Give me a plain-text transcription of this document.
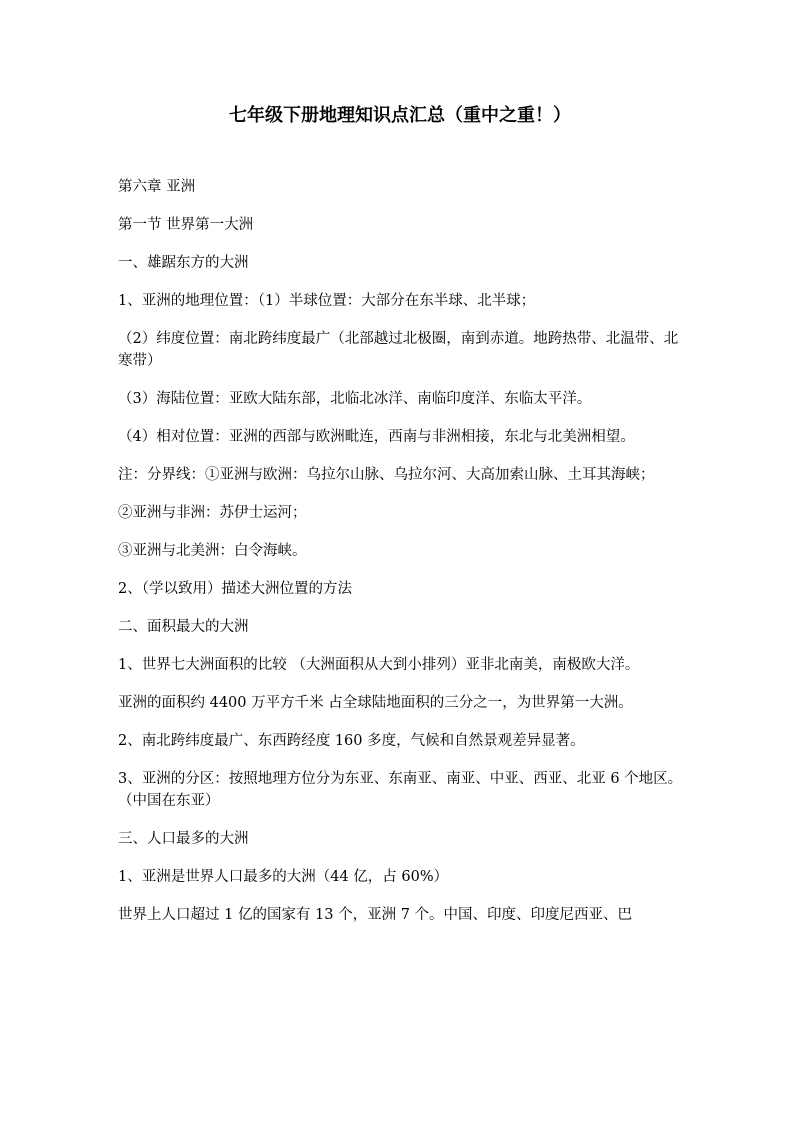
七年级下册地理知识点汇总（重中之重！）

第六章 亚洲

第一节 世界第一大洲

一、雄踞东方的大洲

1、亚洲的地理位置：（1）半球位置：大部分在东半球、北半球；

（2）纬度位置：南北跨纬度最广（北部越过北极圈，南到赤道。地跨热带、北温带、北寒带）

（3）海陆位置：亚欧大陆东部，北临北冰洋、南临印度洋、东临太平洋。

（4）相对位置：亚洲的西部与欧洲毗连，西南与非洲相接，东北与北美洲相望。

注：分界线：①亚洲与欧洲：乌拉尔山脉、乌拉尔河、大高加索山脉、土耳其海峡；

②亚洲与非洲：苏伊士运河；

③亚洲与北美洲：白令海峡。

2、（学以致用）描述大洲位置的方法

二、面积最大的大洲

1、世界七大洲面积的比较 （大洲面积从大到小排列）亚非北南美，南极欧大洋。

亚洲的面积约 4400 万平方千米 占全球陆地面积的三分之一，为世界第一大洲。

2、南北跨纬度最广、东西跨经度 160 多度，气候和自然景观差异显著。

3、亚洲的分区：按照地理方位分为东亚、东南亚、南亚、中亚、西亚、北亚 6 个地区。（中国在东亚）

三、人口最多的大洲

1、亚洲是世界人口最多的大洲（44 亿，占 60%）

世界上人口超过 1 亿的国家有 13 个，亚洲 7 个。中国、印度、印度尼西亚、巴
